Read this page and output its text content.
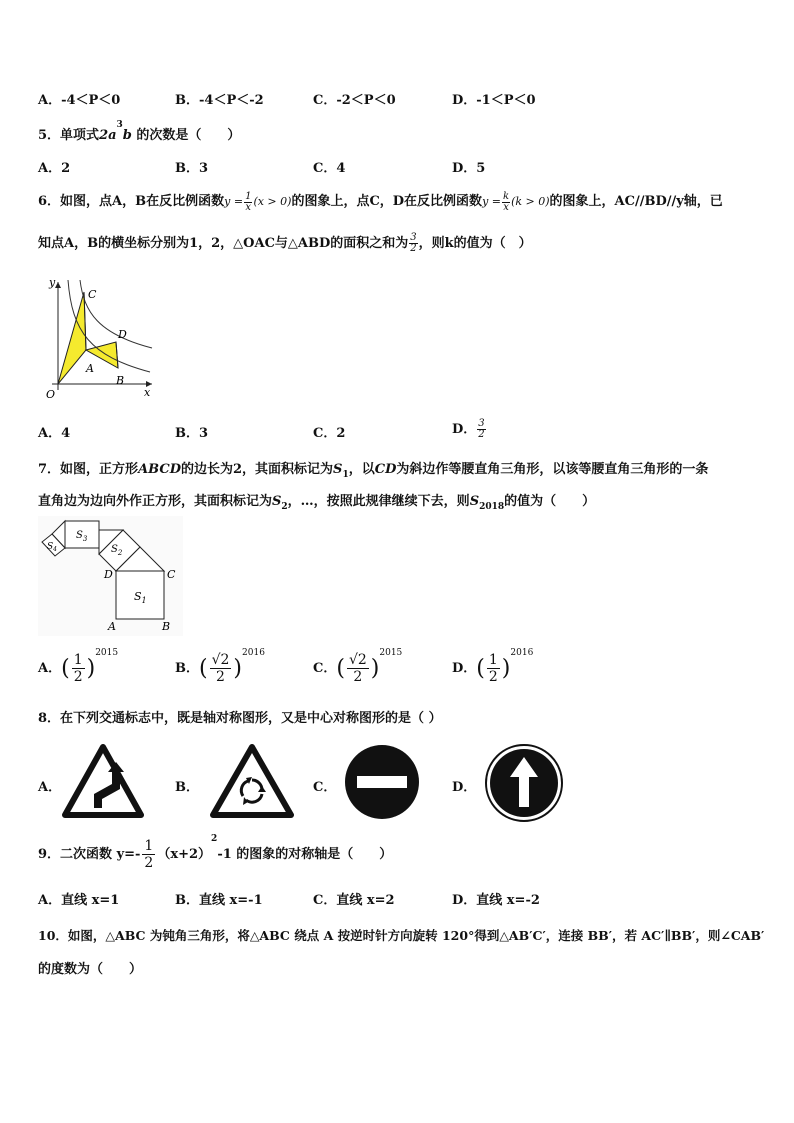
A．-4＜P＜0	B．-4＜P＜-2	C．-2＜P＜0	D．-1＜P＜0
5．单项式$2a^3b$ 的次数是（　　）
A．2	B．3	C．4	D．5
6．如图，点A，B在反比例函数$y = \frac{1}{x} (x > 0)$的图象上，点C，D在反比例函数$y = \frac{k}{x} (k > 0)$的图象上，AC//BD//y轴，已
知点A，B的横坐标分别为1，2，△OAC与△ABD的面积之和为 $\frac{3}{2}$ ，则k的值为（　）
y
x
O
C
D
A
B
A．4	B．3	C．2	D． $\frac{3}{2}$
7．如图，正方形ABCD的边长为2，其面积标记为$S_1$，以CD为斜边作等腰直角三角形，以该等腰直角三角形的一条
直角边为边向外作正方形，其面积标记为$S_2$，…，按照此规律继续下去，则$S_{2018}$的值为（　　）
$S_1$
$S_2$
$S_3$
$S_4$
D	C
A	B
A．( $\frac{1}{2} )^{2015}$
B．( $\frac{√2}{2} )^{2016}$
C．( $\frac{√2}{2} )^{2015}$
D．( $\frac{1}{2} )^{2016}$
8．在下列交通标志中，既是轴对称图形，又是中心对称图形的是（ ）
A．	B．	C．	D．
9．二次函数 $y=- \frac{1}{2} (x+2)^2-1$ 的图象的对称轴是（　　）
A．直线 x=1	B．直线 x=-1	C．直线 x=2	D．直线 x=-2
10．如图，△ABC 为钝角三角形，将△ABC 绕点 A 按逆时针方向旋转 120°得到△AB′C′，连接 BB′，若 AC′∥BB′，则∠CAB′
的度数为（　　）
